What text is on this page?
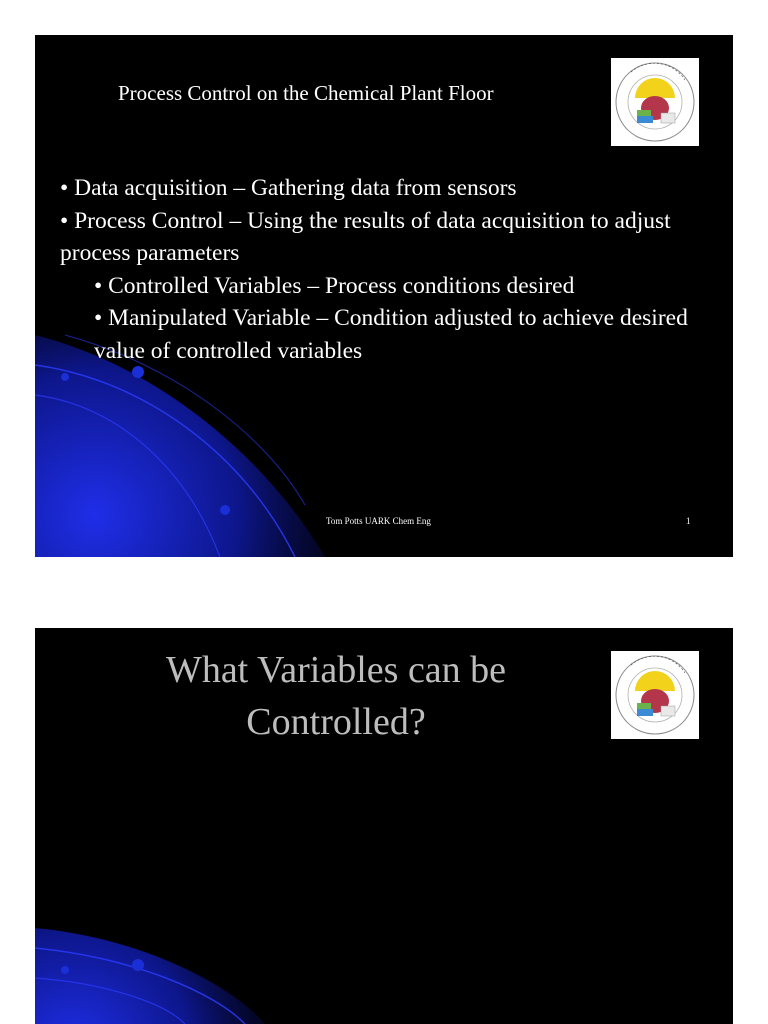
Process Control on the Chemical Plant Floor

• Data acquisition – Gathering data from sensors

• Process Control – Using the results of data acquisition to adjust process parameters

• Controlled Variables – Process conditions desired

• Manipulated Variable – Condition adjusted to achieve desired value of controlled variables

Tom Potts UARK Chem Eng	1
What Variables can be Controlled?
